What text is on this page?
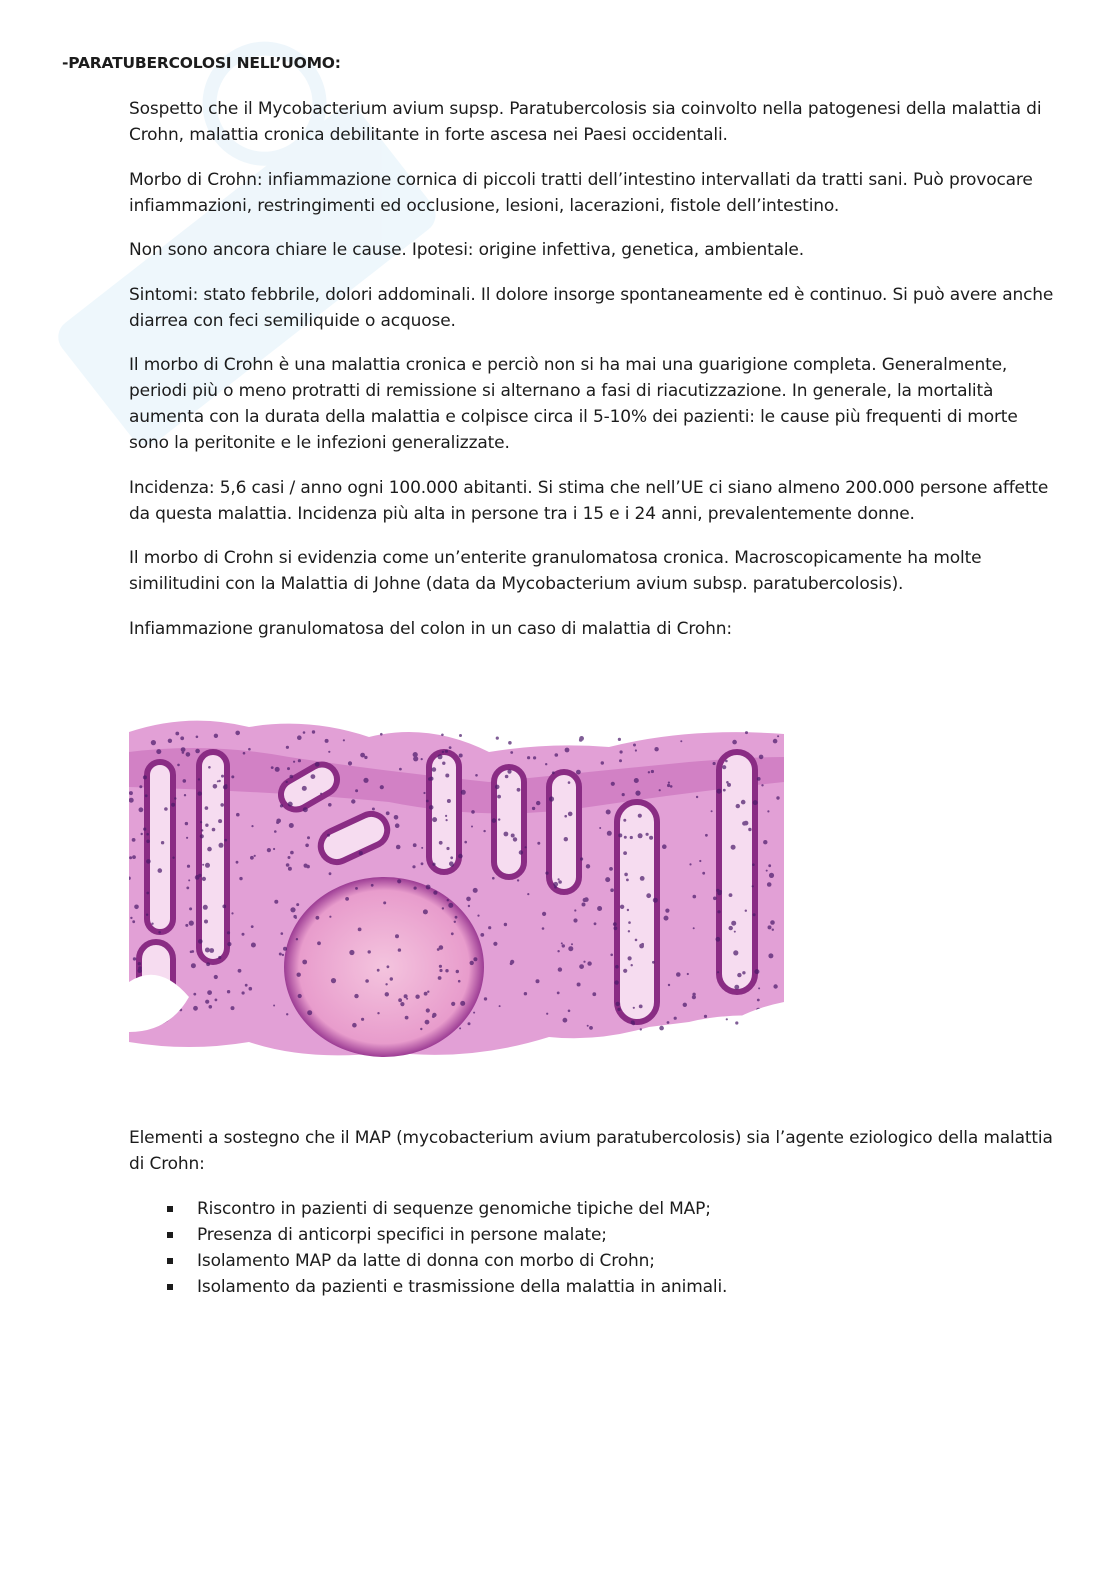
-PARATUBERCOLOSI NELL’UOMO:

Sospetto che il Mycobacterium avium supsp. Paratubercolosis sia coinvolto nella patogenesi della malattia di Crohn, malattia cronica debilitante in forte ascesa nei Paesi occidentali.

Morbo di Crohn: infiammazione cornica di piccoli tratti dell’intestino intervallati da tratti sani. Può provocare infiammazioni, restringimenti ed occlusione, lesioni, lacerazioni, fistole dell’intestino.

Non sono ancora chiare le cause. Ipotesi: origine infettiva, genetica, ambientale.

Sintomi: stato febbrile, dolori addominali. Il dolore insorge spontaneamente ed è continuo. Si può avere anche diarrea con feci semiliquide o acquose.

Il morbo di Crohn è una malattia cronica e perciò non si ha mai una guarigione completa. Generalmente, periodi più o meno protratti di remissione si alternano a fasi di riacutizzazione. In generale, la mortalità aumenta con la durata della malattia e colpisce circa il 5-10% dei pazienti: le cause più frequenti di morte sono la peritonite e le infezioni generalizzate.

Incidenza: 5,6 casi / anno ogni 100.000 abitanti. Si stima che nell’UE ci siano almeno 200.000 persone affette da questa malattia. Incidenza più alta in persone tra i 15 e i 24 anni, prevalentemente donne.

Il morbo di Crohn si evidenzia come un’enterite granulomatosa cronica. Macroscopicamente ha molte similitudini con la Malattia di Johne (data da Mycobacterium avium subsp. paratubercolosis).

Infiammazione granulomatosa del colon in un caso di malattia di Crohn:

Elementi a sostegno che il MAP (mycobacterium avium paratubercolosis) sia l’agente eziologico della malattia di Crohn:

Riscontro in pazienti di sequenze genomiche tipiche del MAP;
Presenza di anticorpi specifici in persone malate;
Isolamento MAP da latte di donna con morbo di Crohn;
Isolamento da pazienti e trasmissione della malattia in animali.
